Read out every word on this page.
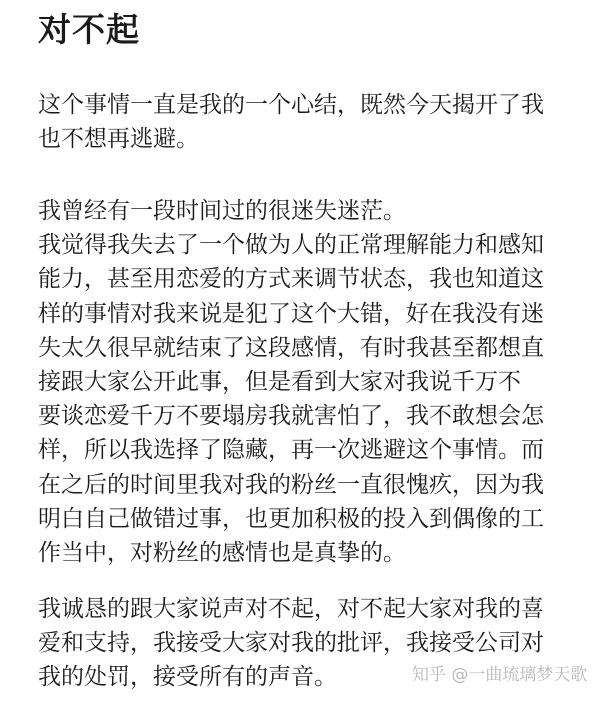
对不起
这个事情一直是我的一个心结，既然今天揭开了我
也不想再逃避。
我曾经有一段时间过的很迷失迷茫。
我觉得我失去了一个做为人的正常理解能力和感知
能力，甚至用恋爱的方式来调节状态，我也知道这
样的事情对我来说是犯了这个大错，好在我没有迷
失太久很早就结束了这段感情，有时我甚至都想直
接跟大家公开此事，但是看到大家对我说千万不
要谈恋爱千万不要塌房我就害怕了，我不敢想会怎
样，所以我选择了隐藏，再一次逃避这个事情。而
在之后的时间里我对我的粉丝一直很愧疚，因为我
明白自己做错过事，也更加积极的投入到偶像的工
作当中，对粉丝的感情也是真挚的。
我诚恳的跟大家说声对不起，对不起大家对我的喜
爱和支持，我接受大家对我的批评，我接受公司对
我的处罚，接受所有的声音。	知乎 @一曲琉璃梦天歌
